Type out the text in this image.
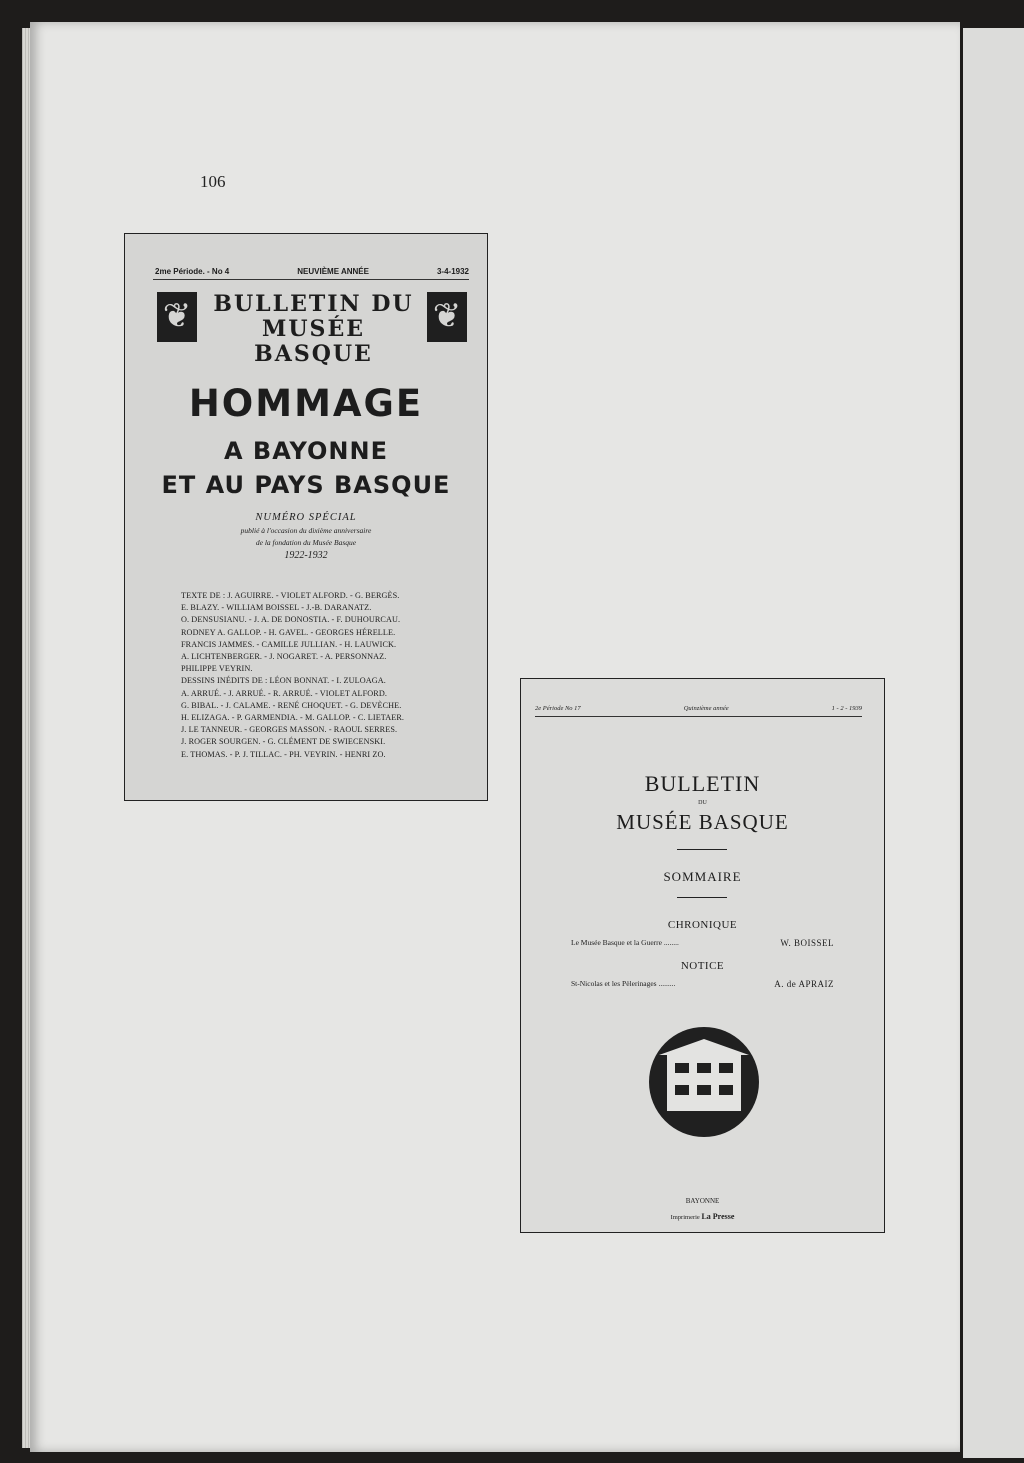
106
2me Période. - No 4	NEUVIÈME ANNÉE	3-4-1932
❦	BULLETIN DU
MUSÉE BASQUE
❦
HOMMAGE
A BAYONNE
ET AU PAYS BASQUE
NUMÉRO SPÉCIAL
publié à l'occasion du dixième anniversaire
de la fondation du Musée Basque
1922-1932
TEXTE DE : J. AGUIRRE. - VIOLET ALFORD. - G. BERGÈS.
E. BLAZY. - WILLIAM BOISSEL - J.-B. DARANATZ.
O. DENSUSIANU. - J. A. DE DONOSTIA. - F. DUHOURCAU.
RODNEY A. GALLOP. - H. GAVEL. - GEORGES HÉRELLE.
FRANCIS JAMMES. - CAMILLE JULLIAN. - H. LAUWICK.
A. LICHTENBERGER. - J. NOGARET. - A. PERSONNAZ.
PHILIPPE VEYRIN.
DESSINS INÉDITS DE : LÉON BONNAT. - I. ZULOAGA.
A. ARRUÉ. - J. ARRUÉ. - R. ARRUÉ. - VIOLET ALFORD.
G. BIBAL. - J. CALAME. - RENÉ CHOQUET. - G. DEVÈCHE.
H. ELIZAGA. - P. GARMENDIA. - M. GALLOP. - C. LIETAER.
J. LE TANNEUR. - GEORGES MASSON. - RAOUL SERRES.
J. ROGER SOURGEN. - G. CLÉMENT DE SWIECENSKI.
E. THOMAS. - P. J. TILLAC. - PH. VEYRIN. - HENRI ZO.
2e Période No 17	Quinzième année	1 - 2 - 1939
BULLETIN
DU
MUSÉE BASQUE
SOMMAIRE
CHRONIQUE
Le Musée Basque et la Guerre ........	W. BOISSEL
NOTICE
St-Nicolas et les Pèlerinages .........	A. de APRAIZ
BAYONNE
Imprimerie La Presse
